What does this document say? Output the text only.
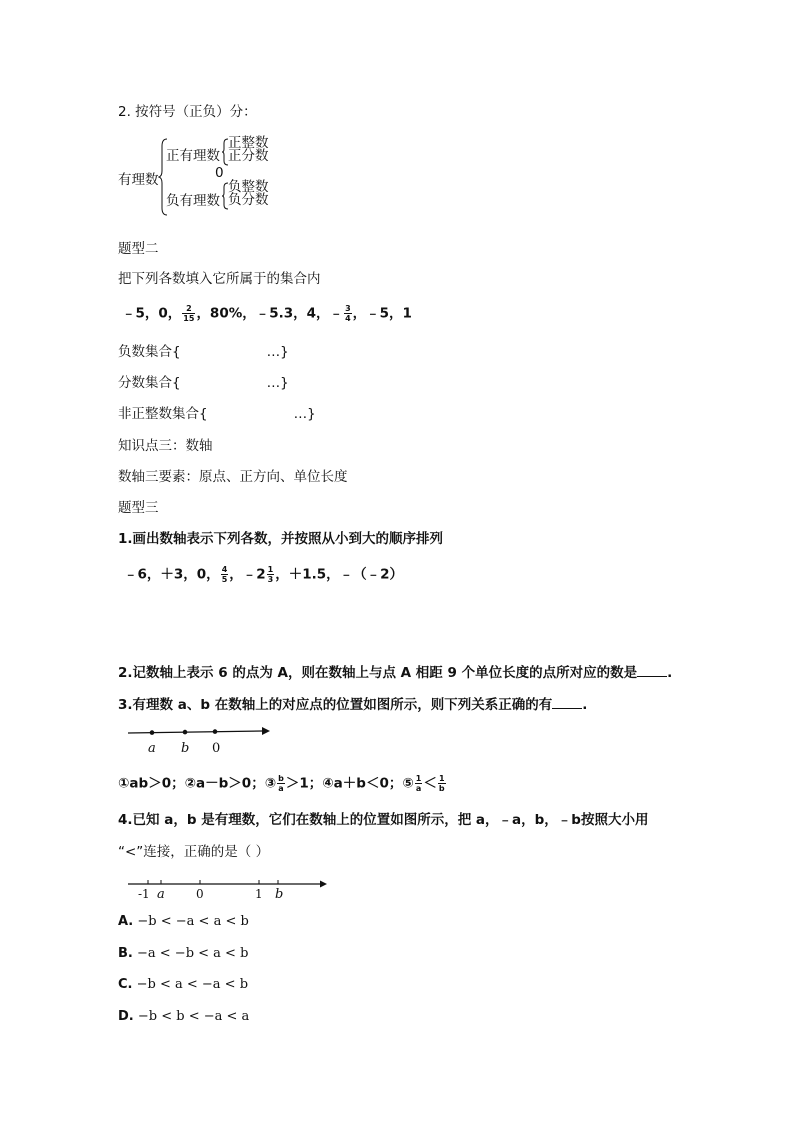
2. 按符号（正负）分：
有理数
正有理数
正整数
正分数
0
负有理数
负整数
负分数
题型二
把下列各数填入它所属于的集合内
﹣5，0， $\frac{2}{15}$ ，80%，﹣5.3，4，﹣ $\frac{3}{4}$ ，﹣5，1
负数集合{	…}
分数集合{	…}
非正整数集合{	…}
知识点三：数轴
数轴三要素：原点、正方向、单位长度
题型三
1.画出数轴表示下列各数，并按照从小到大的顺序排列
﹣6，＋3，0， $\frac{4}{5}$ ，﹣2 $\frac{1}{3}$ ，＋1.5，﹣（﹣2）
2.记数轴上表示 6 的点为 A，则在数轴上与点 A 相距 9 个单位长度的点所对应的数是 .
3.有理数 a、b 在数轴上的对应点的位置如图所示，则下列关系正确的有 .
a b 0
①ab＞0；②a－b＞0；③ $\frac{b}{a} >1$；④a＋b＜0；⑤ $\frac{1}{a} < \frac{1}{b}$
4.已知 a，b 是有理数，它们在数轴上的位置如图所示，把 a，﹣a，b，﹣b按照大小用
“<”连接，正确的是（ ）
-1 a	0	1 b
A. −b < −a < a < b
B. −a < −b < a < b
C. −b < a < −a < b
D. −b < b < −a < a
